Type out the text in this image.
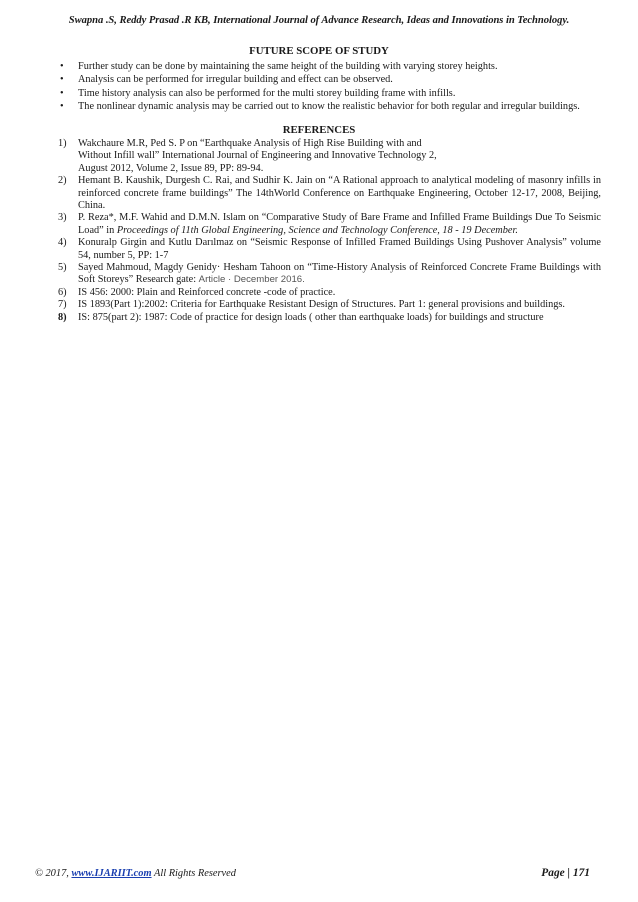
Swapna .S, Reddy Prasad .R KB, International Journal of Advance Research, Ideas and Innovations in Technology.
FUTURE SCOPE OF STUDY
• Further study can be done by maintaining the same height of the building with varying storey heights.
• Analysis can be performed for irregular building and effect can be observed.
• Time history analysis can also be performed for the multi storey building frame with infills.
• The nonlinear dynamic analysis may be carried out to know the realistic behavior for both regular and irregular buildings.
REFERENCES
1) Wakchaure M.R, Ped S. P on “Earthquake Analysis of High Rise Building with and
Without Infill wall” International Journal of Engineering and Innovative Technology 2,
August 2012, Volume 2, Issue 89, PP: 89-94.
2) Hemant B. Kaushik, Durgesh C. Rai, and Sudhir K. Jain on “A Rational approach to analytical modeling of masonry infills in reinforced concrete frame buildings” The 14thWorld Conference on Earthquake Engineering, October 12-17, 2008, Beijing, China.
3) P. Reza*, M.F. Wahid and D.M.N. Islam on “Comparative Study of Bare Frame and Infilled Frame Buildings Due To Seismic Load” in Proceedings of 11th Global Engineering, Science and Technology Conference, 18 - 19 December.
4) Konuralp Girgin and Kutlu Darılmaz on “Seismic Response of Infilled Framed Buildings Using Pushover Analysis” volume 54, number 5, PP: 1-7
5) Sayed Mahmoud, Magdy Genidy· Hesham Tahoon on “Time-History Analysis of Reinforced Concrete Frame Buildings with Soft Storeys” Research gate: Article · December 2016.
6) IS 456: 2000: Plain and Reinforced concrete -code of practice.
7) IS 1893(Part 1):2002: Criteria for Earthquake Resistant Design of Structures. Part 1: general provisions and buildings.
8) IS: 875(part 2): 1987: Code of practice for design loads ( other than earthquake loads) for buildings and structure
© 2017, www.IJARIIT.com All Rights Reserved	Page | 171
